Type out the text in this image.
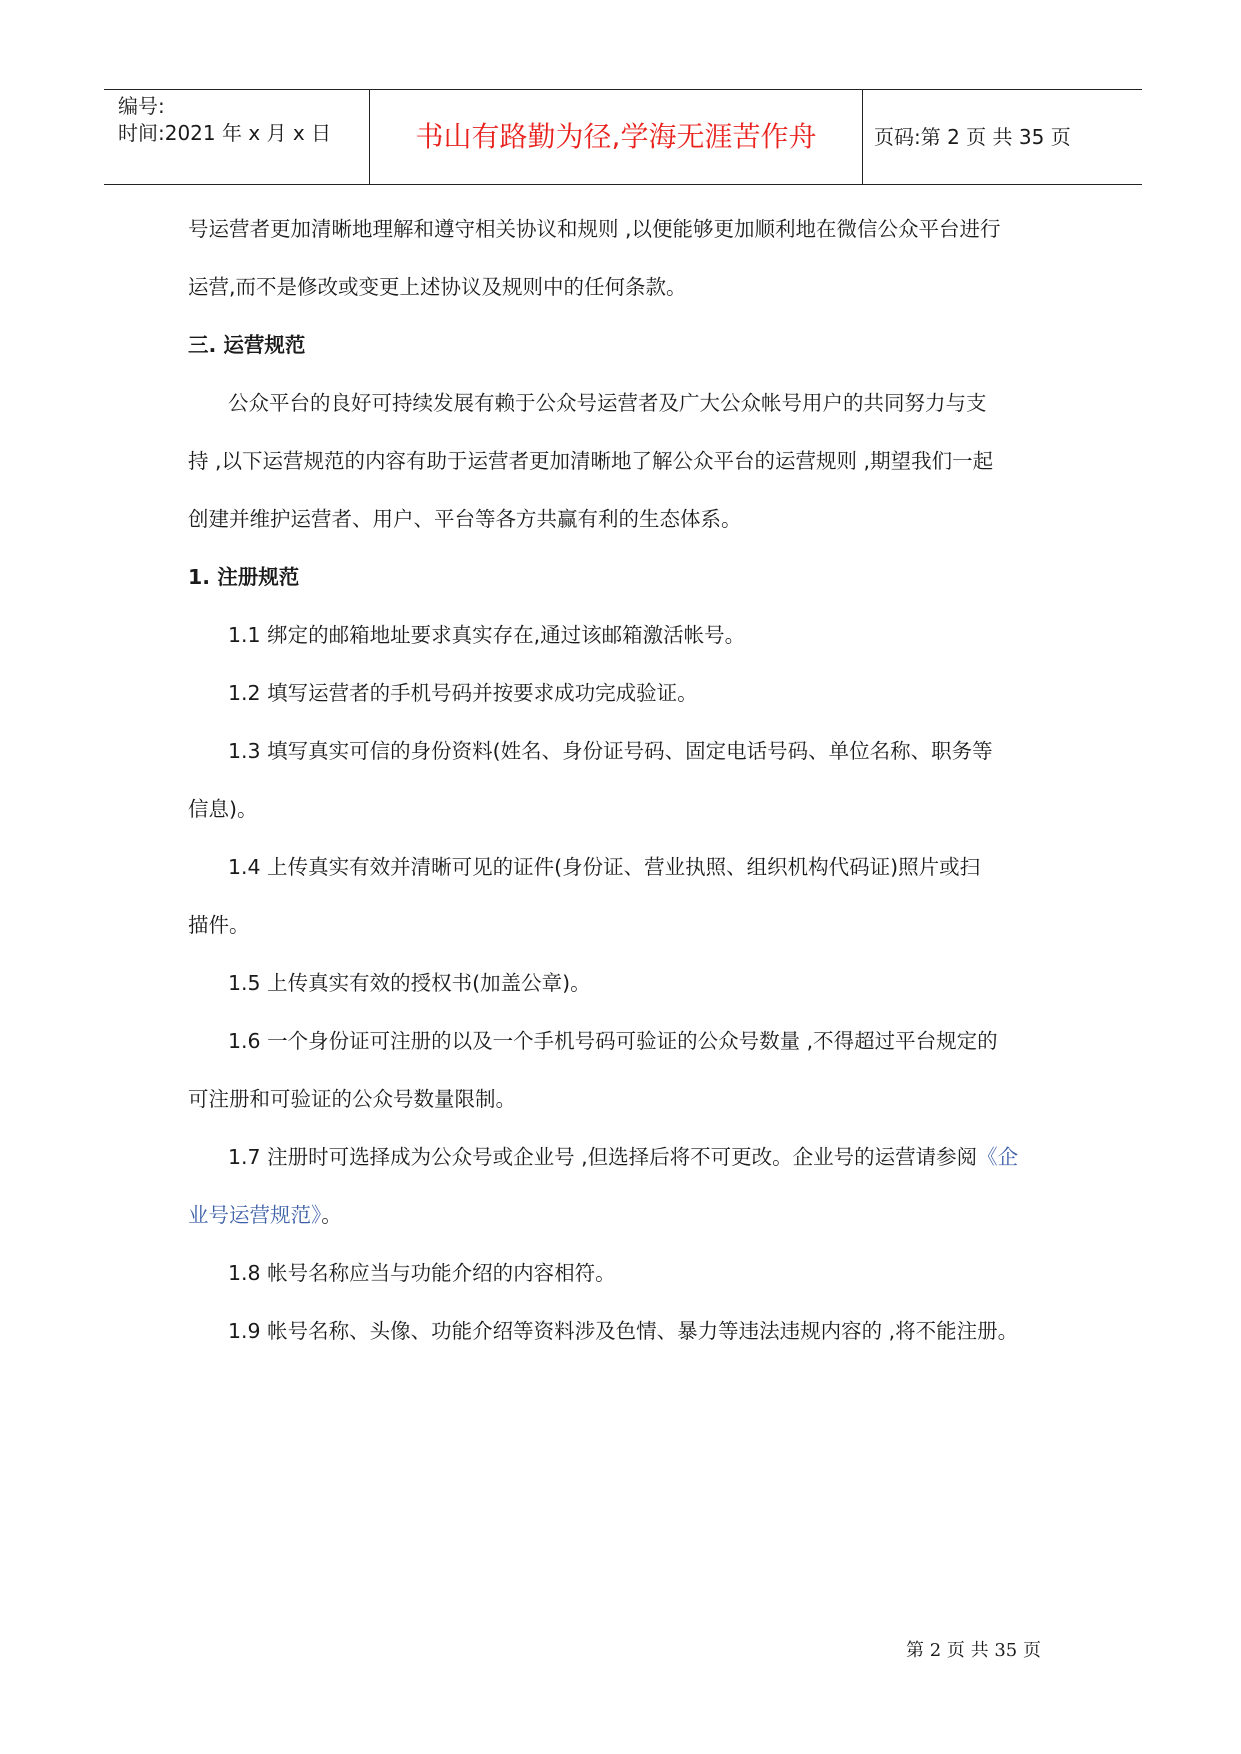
编号:
时间:2021 年 x 月 x 日	书山有路勤为径,学海无涯苦作舟	页码:第 2 页 共 35 页
号运营者更加清晰地理解和遵守相关协议和规则 ,以便能够更加顺利地在微信公众平台进行
运营,而不是修改或变更上述协议及规则中的任何条款。
三. 运营规范
公众平台的良好可持续发展有赖于公众号运营者及广大公众帐号用户的共同努力与支
持 ,以下运营规范的内容有助于运营者更加清晰地了解公众平台的运营规则 ,期望我们一起
创建并维护运营者、用户、平台等各方共赢有利的生态体系。
1. 注册规范
1.1 绑定的邮箱地址要求真实存在,通过该邮箱激活帐号。
1.2 填写运营者的手机号码并按要求成功完成验证。
1.3 填写真实可信的身份资料(姓名、身份证号码、固定电话号码、单位名称、职务等
信息)。
1.4 上传真实有效并清晰可见的证件(身份证、营业执照、组织机构代码证)照片或扫
描件。
1.5 上传真实有效的授权书(加盖公章)。
1.6 一个身份证可注册的以及一个手机号码可验证的公众号数量 ,不得超过平台规定的
可注册和可验证的公众号数量限制。
1.7 注册时可选择成为公众号或企业号 ,但选择后将不可更改。企业号的运营请参阅《企
业号运营规范》。
1.8 帐号名称应当与功能介绍的内容相符。
1.9 帐号名称、头像、功能介绍等资料涉及色情、暴力等违法违规内容的 ,将不能注册。
第 2 页 共 35 页
